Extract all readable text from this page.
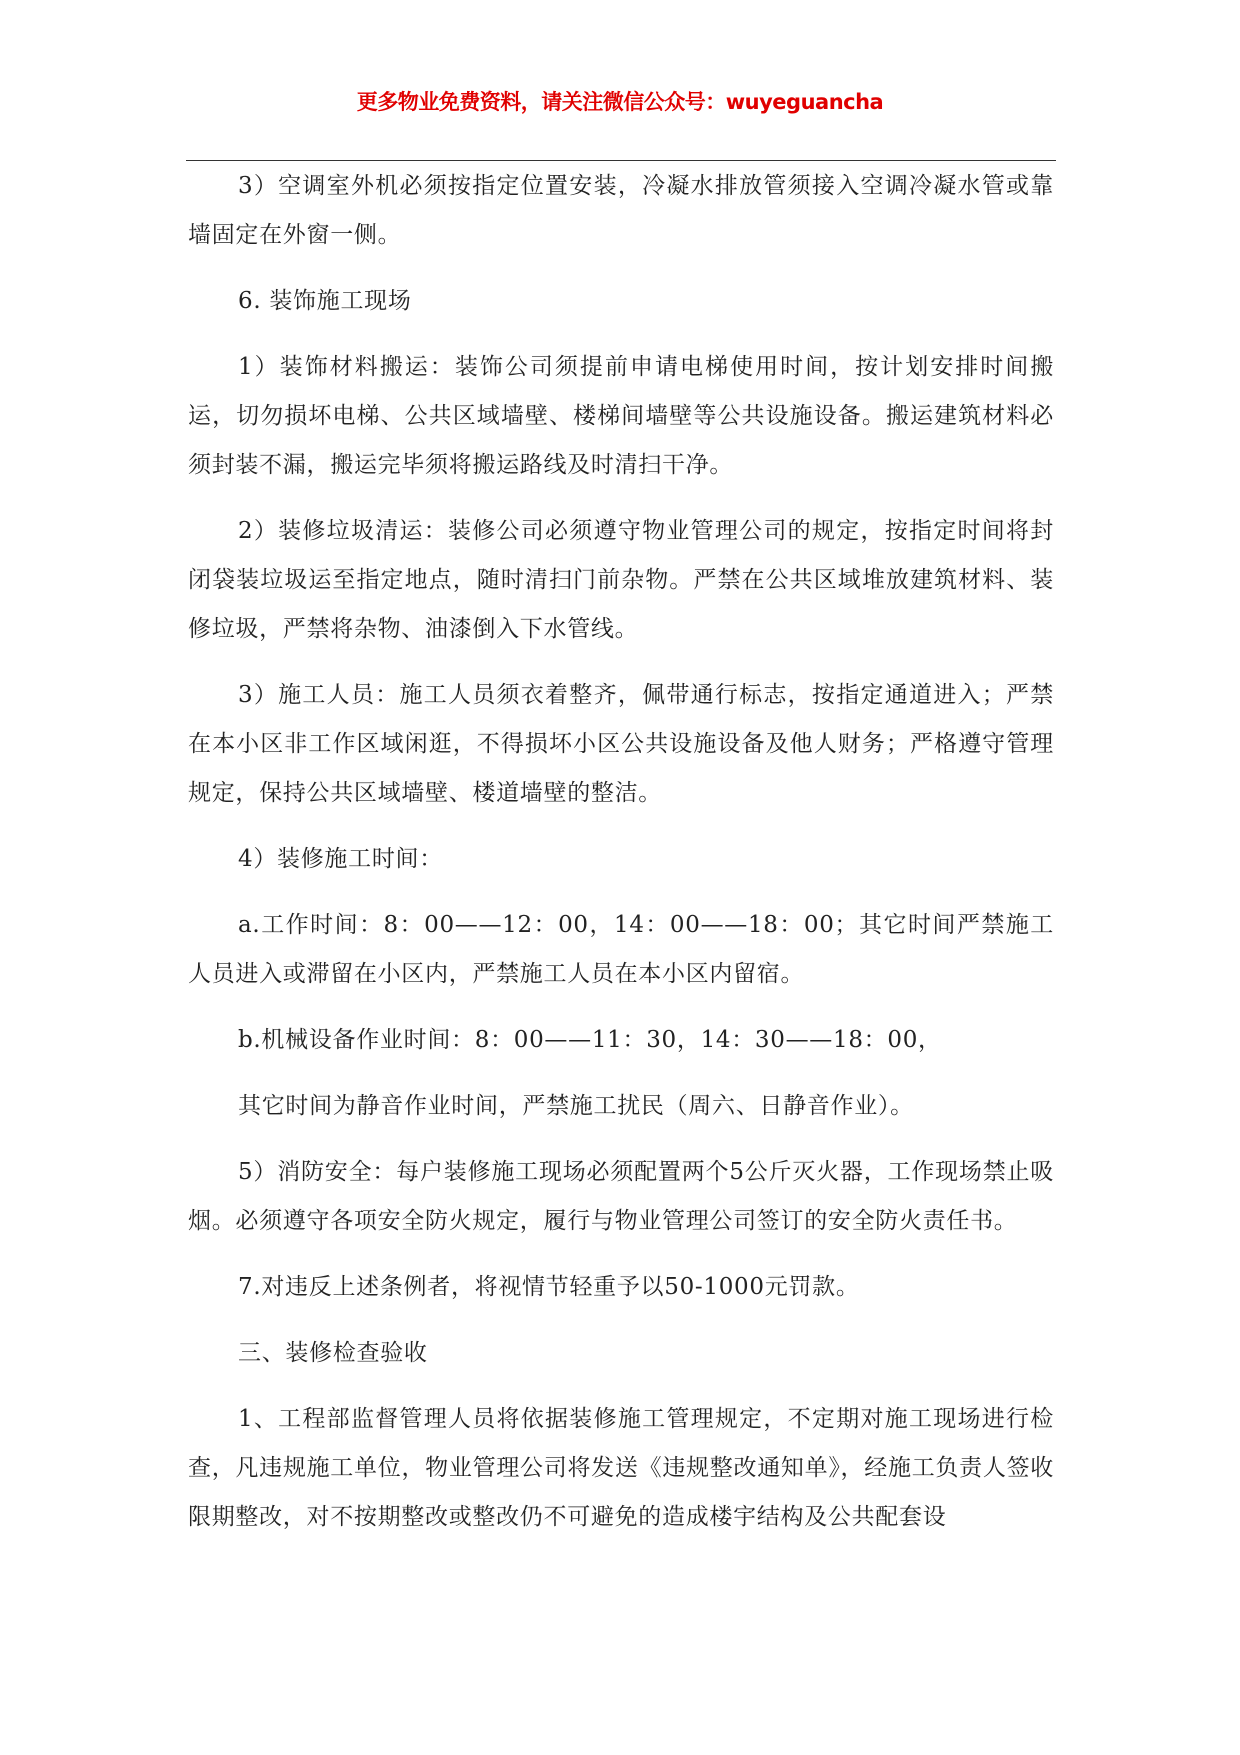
更多物业免费资料，请关注微信公众号：wuyeguancha

3）空调室外机必须按指定位置安装，冷凝水排放管须接入空调冷凝水管或靠墙固定在外窗一侧。

6. 装饰施工现场

1）装饰材料搬运：装饰公司须提前申请电梯使用时间，按计划安排时间搬运，切勿损坏电梯、公共区域墙壁、楼梯间墙壁等公共设施设备。搬运建筑材料必须封装不漏，搬运完毕须将搬运路线及时清扫干净。

2）装修垃圾清运：装修公司必须遵守物业管理公司的规定，按指定时间将封闭袋装垃圾运至指定地点，随时清扫门前杂物。严禁在公共区域堆放建筑材料、装修垃圾，严禁将杂物、油漆倒入下水管线。

3）施工人员：施工人员须衣着整齐，佩带通行标志，按指定通道进入；严禁在本小区非工作区域闲逛，不得损坏小区公共设施设备及他人财务；严格遵守管理规定，保持公共区域墙壁、楼道墙壁的整洁。

4）装修施工时间：

a.工作时间：8：00——12：00，14：00——18：00；其它时间严禁施工人员进入或滞留在小区内，严禁施工人员在本小区内留宿。

b.机械设备作业时间：8：00——11：30，14：30——18：00，

其它时间为静音作业时间，严禁施工扰民（周六、日静音作业）。

5）消防安全：每户装修施工现场必须配置两个5公斤灭火器，工作现场禁止吸烟。必须遵守各项安全防火规定，履行与物业管理公司签订的安全防火责任书。

7.对违反上述条例者，将视情节轻重予以50-1000元罚款。

三、装修检查验收

1、工程部监督管理人员将依据装修施工管理规定，不定期对施工现场进行检查，凡违规施工单位，物业管理公司将发送《违规整改通知单》，经施工负责人签收限期整改，对不按期整改或整改仍不可避免的造成楼宇结构及公共配套设
